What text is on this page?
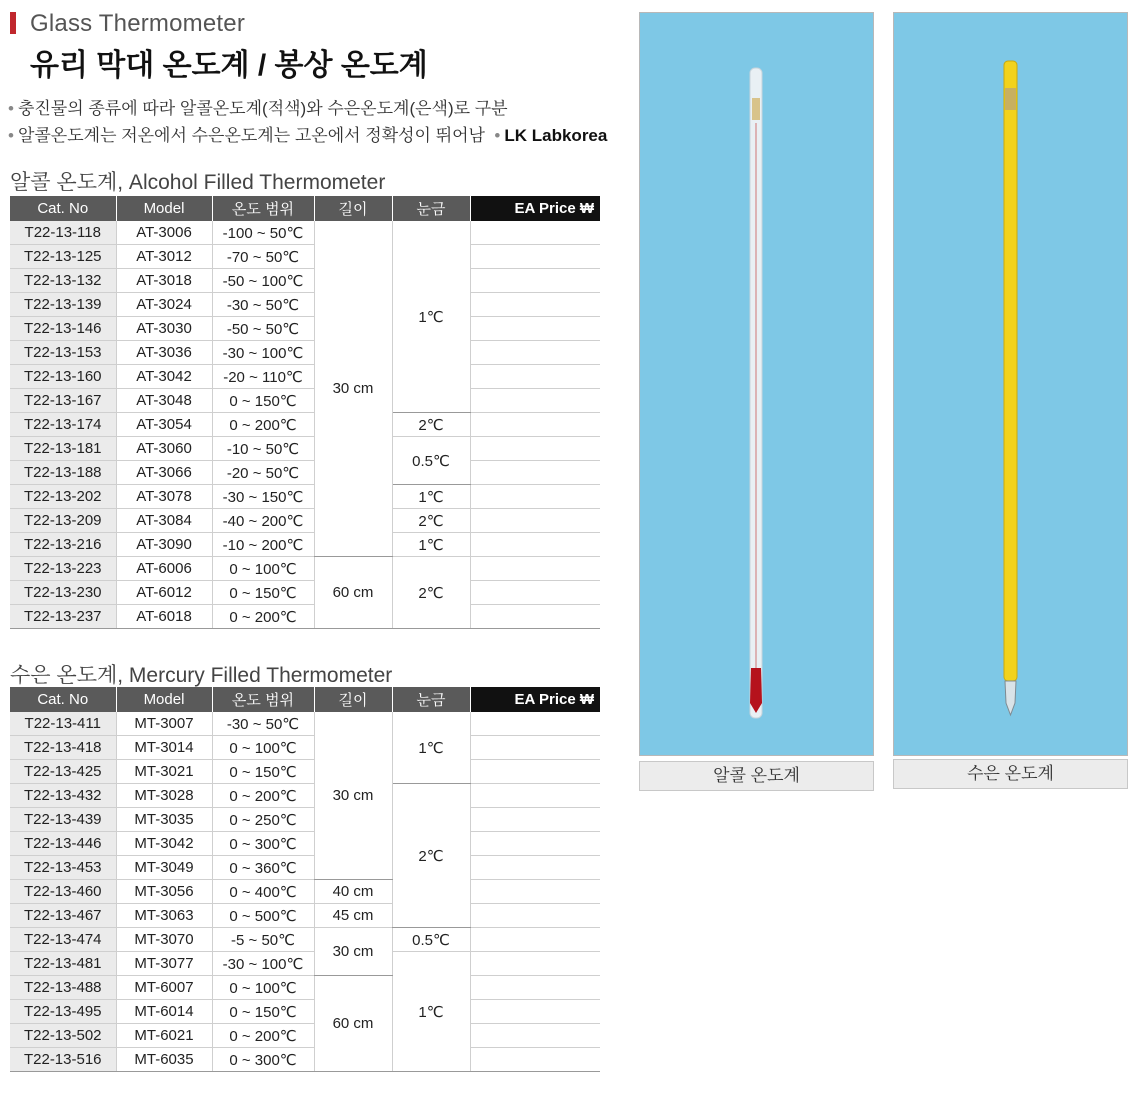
Glass Thermometer
유리 막대 온도계 / 봉상 온도계
• 충진물의 종류에 따라 알콜온도계(적색)와 수은온도계(은색)로 구분
• 알콜온도계는 저온에서 수은온도계는 고온에서 정확성이 뛰어남 • LK Labkorea
알콜 온도계, Alcohol Filled Thermometer
Cat. No	Model	온도 범위	길이	눈금	EA Price ₩
T22-13-118	AT-3006	-100 ~ 50℃	30 cm	1℃	
T22-13-125	AT-3012	-70 ~ 50℃			
T22-13-132	AT-3018	-50 ~ 100℃			
T22-13-139	AT-3024	-30 ~ 50℃			
T22-13-146	AT-3030	-50 ~ 50℃			
T22-13-153	AT-3036	-30 ~ 100℃			
T22-13-160	AT-3042	-20 ~ 110℃			
T22-13-167	AT-3048	0 ~ 150℃			
T22-13-174	AT-3054	0 ~ 200℃		2℃	
T22-13-181	AT-3060	-10 ~ 50℃		0.5℃	
T22-13-188	AT-3066	-20 ~ 50℃			
T22-13-202	AT-3078	-30 ~ 150℃		1℃	
T22-13-209	AT-3084	-40 ~ 200℃		2℃	
T22-13-216	AT-3090	-10 ~ 200℃		1℃	
T22-13-223	AT-6006	0 ~ 100℃	60 cm	2℃	
T22-13-230	AT-6012	0 ~ 150℃			
T22-13-237	AT-6018	0 ~ 200℃			
수은 온도계, Mercury Filled Thermometer
Cat. No	Model	온도 범위	길이	눈금	EA Price ₩
T22-13-411	MT-3007	-30 ~ 50℃	30 cm	1℃	
T22-13-418	MT-3014	0 ~ 100℃			
T22-13-425	MT-3021	0 ~ 150℃			
T22-13-432	MT-3028	0 ~ 200℃		2℃	
T22-13-439	MT-3035	0 ~ 250℃			
T22-13-446	MT-3042	0 ~ 300℃			
T22-13-453	MT-3049	0 ~ 360℃			
T22-13-460	MT-3056	0 ~ 400℃	40 cm		
T22-13-467	MT-3063	0 ~ 500℃	45 cm		
T22-13-474	MT-3070	-5 ~ 50℃	30 cm	0.5℃	
T22-13-481	MT-3077	-30 ~ 100℃		1℃	
T22-13-488	MT-6007	0 ~ 100℃	60 cm		
T22-13-495	MT-6014	0 ~ 150℃			
T22-13-502	MT-6021	0 ~ 200℃			
T22-13-516	MT-6035	0 ~ 300℃			
알콜 온도계	수은 온도계
